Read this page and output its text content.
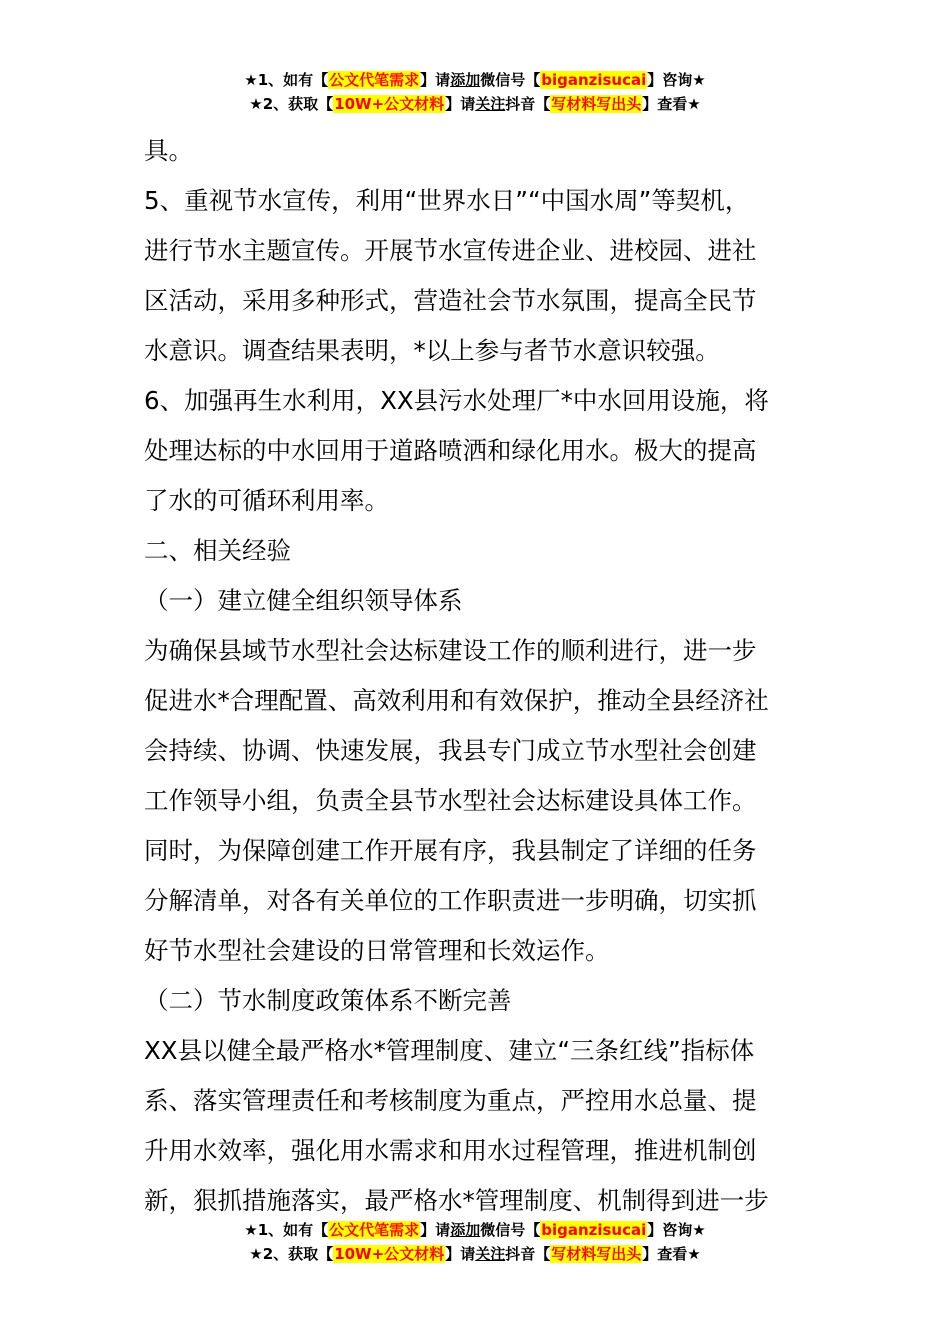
★1、如有【公文代笔需求】请添加微信号【biganzisucai】咨询★
★2、获取【10W+公文材料】请关注抖音【写材料写出头】查看★

具。

5、重视节水宣传，利用“世界水日”“中国水周”等契机，

进行节水主题宣传。开展节水宣传进企业、进校园、进社

区活动，采用多种形式，营造社会节水氛围，提高全民节

水意识。调查结果表明，*以上参与者节水意识较强。

6、加强再生水利用，XX县污水处理厂*中水回用设施，将

处理达标的中水回用于道路喷洒和绿化用水。极大的提高

了水的可循环利用率。

二、相关经验

（一）建立健全组织领导体系

为确保县域节水型社会达标建设工作的顺利进行，进一步

促进水*合理配置、高效利用和有效保护，推动全县经济社

会持续、协调、快速发展，我县专门成立节水型社会创建

工作领导小组，负责全县节水型社会达标建设具体工作。

同时，为保障创建工作开展有序，我县制定了详细的任务

分解清单，对各有关单位的工作职责进一步明确，切实抓

好节水型社会建设的日常管理和长效运作。

（二）节水制度政策体系不断完善

XX县以健全最严格水*管理制度、建立“三条红线”指标体

系、落实管理责任和考核制度为重点，严控用水总量、提

升用水效率，强化用水需求和用水过程管理，推进机制创

新，狠抓措施落实，最严格水*管理制度、机制得到进一步

★1、如有【公文代笔需求】请添加微信号【biganzisucai】咨询★
★2、获取【10W+公文材料】请关注抖音【写材料写出头】查看★
